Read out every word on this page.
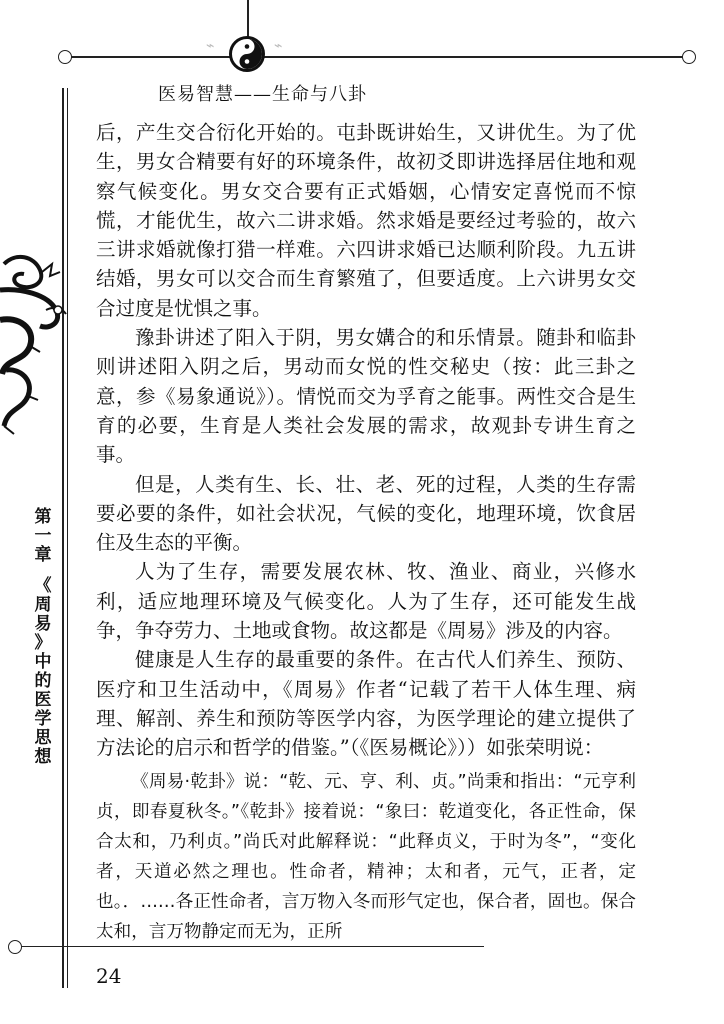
⌁	⌁
医易智慧——生命与八卦
第
一
章
《
周
易
》
中
的
医
学
思
想

后，产生交合衍化开始的。屯卦既讲始生，又讲优生。为了优生，男女合精要有好的环境条件，故初爻即讲选择居住地和观察气候变化。男女交合要有正式婚姻，心情安定喜悦而不惊慌，才能优生，故六二讲求婚。然求婚是要经过考验的，故六三讲求婚就像打猎一样难。六四讲求婚已达顺利阶段。九五讲结婚，男女可以交合而生育繁殖了，但要适度。上六讲男女交合过度是忧惧之事。

豫卦讲述了阳入于阴，男女媾合的和乐情景。随卦和临卦则讲述阳入阴之后，男动而女悦的性交秘史（按：此三卦之意，参《易象通说》）。情悦而交为孚育之能事。两性交合是生育的必要，生育是人类社会发展的需求，故观卦专讲生育之事。

但是，人类有生、长、壮、老、死的过程，人类的生存需要必要的条件，如社会状况，气候的变化，地理环境，饮食居住及生态的平衡。

人为了生存，需要发展农林、牧、渔业、商业，兴修水利，适应地理环境及气候变化。人为了生存，还可能发生战争，争夺劳力、土地或食物。故这都是《周易》涉及的内容。

健康是人生存的最重要的条件。在古代人们养生、预防、医疗和卫生活动中，《周易》作者“记载了若干人体生理、病理、解剖、养生和预防等医学内容，为医学理论的建立提供了方法论的启示和哲学的借鉴。”（《医易概论》））如张荣明说：

《周易·乾卦》说：“乾、元、亨、利、贞。”尚秉和指出：“元亨利贞，即春夏秋冬。”《乾卦》接着说：“象曰：乾道变化，各正性命，保合太和，乃利贞。”尚氏对此解释说：“此释贞义，于时为冬”，“变化者，天道必然之理也。性命者，精神；太和者，元气，正者，定也。．……各正性命者，言万物入冬而形气定也，保合者，固也。保合太和，言万物静定而无为，正所

24
